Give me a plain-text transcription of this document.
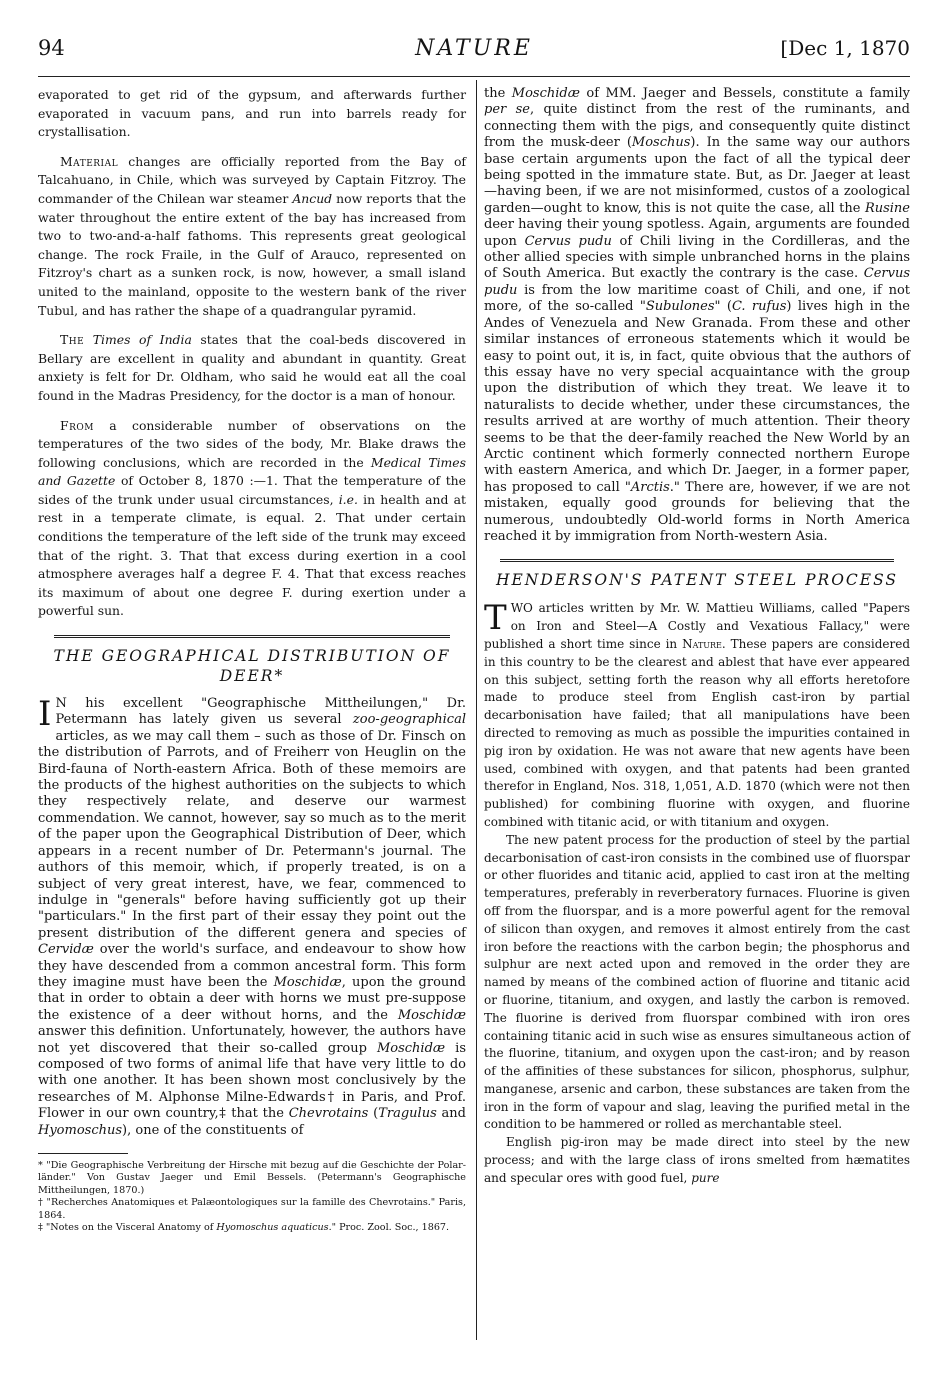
94	NATURE	[Dec 1, 1870

evaporated to get rid of the gypsum, and afterwards further evaporated in vacuum pans, and run into barrels ready for crystallisation.

Material changes are officially reported from the Bay of Talcahuano, in Chile, which was surveyed by Captain Fitzroy. The commander of the Chilean war steamer Ancud now reports that the water throughout the entire extent of the bay has increased from two to two-and-a-half fathoms. This represents great geological change. The rock Fraile, in the Gulf of Arauco, represented on Fitzroy's chart as a sunken rock, is now, however, a small island united to the mainland, opposite to the western bank of the river Tubul, and has rather the shape of a quadrangular pyramid.

The Times of India states that the coal-beds discovered in Bellary are excellent in quality and abundant in quantity. Great anxiety is felt for Dr. Oldham, who said he would eat all the coal found in the Madras Presidency, for the doctor is a man of honour.

From a considerable number of observations on the temperatures of the two sides of the body, Mr. Blake draws the following conclusions, which are recorded in the Medical Times and Gazette of October 8, 1870 :—1. That the temperature of the sides of the trunk under usual circumstances, i.e. in health and at rest in a temperate climate, is equal. 2. That under certain conditions the temperature of the left side of the trunk may exceed that of the right. 3. That that excess during exertion in a cool atmosphere averages half a degree F. 4. That that excess reaches its maximum of about one degree F. during exertion under a powerful sun.

THE GEOGRAPHICAL DISTRIBUTION OF DEER*

I N his excellent "Geographische Mittheilungen," Dr. Petermann has lately given us several zoo-geographical articles, as we may call them – such as those of Dr. Finsch on the distribution of Parrots, and of Freiherr von Heuglin on the Bird-fauna of North-eastern Africa. Both of these memoirs are the products of the highest authorities on the subjects to which they respectively relate, and deserve our warmest commendation. We cannot, however, say so much as to the merit of the paper upon the Geographical Distribution of Deer, which appears in a recent number of Dr. Petermann's journal. The authors of this memoir, which, if properly treated, is on a subject of very great interest, have, we fear, commenced to indulge in "generals" before having sufficiently got up their "particulars." In the first part of their essay they point out the present distribution of the different genera and species of Cervidæ over the world's surface, and endeavour to show how they have descended from a common ancestral form. This form they imagine must have been the Moschidæ, upon the ground that in order to obtain a deer with horns we must pre-suppose the existence of a deer without horns, and the Moschidæ answer this definition. Unfortunately, however, the authors have not yet discovered that their so-called group Moschidæ is composed of two forms of animal life that have very little to do with one another. It has been shown most conclusively by the researches of M. Alphonse Milne-Edwards† in Paris, and Prof. Flower in our own country,‡ that the Chevrotains (Tragulus and Hyomoschus), one of the constituents of

* "Die Geographische Verbreitung der Hirsche mit bezug auf die Geschichte der Polar-länder." Von Gustav Jaeger und Emil Bessels. (Petermann's Geographische Mittheilungen, 1870.)

† "Recherches Anatomiques et Palæontologiques sur la famille des Chevrotains." Paris, 1864.

‡ "Notes on the Visceral Anatomy of Hyomoschus aquaticus." Proc. Zool. Soc., 1867.

the Moschidæ of MM. Jaeger and Bessels, constitute a family per se, quite distinct from the rest of the ruminants, and connecting them with the pigs, and consequently quite distinct from the musk-deer (Moschus). In the same way our authors base certain arguments upon the fact of all the typical deer being spotted in the immature state. But, as Dr. Jaeger at least—having been, if we are not misinformed, custos of a zoological garden—ought to know, this is not quite the case, all the Rusine deer having their young spotless. Again, arguments are founded upon Cervus pudu of Chili living in the Cordilleras, and the other allied species with simple unbranched horns in the plains of South America. But exactly the contrary is the case. Cervus pudu is from the low maritime coast of Chili, and one, if not more, of the so-called "Subulones" (C. rufus) lives high in the Andes of Venezuela and New Granada. From these and other similar instances of erroneous statements which it would be easy to point out, it is, in fact, quite obvious that the authors of this essay have no very special acquaintance with the group upon the distribution of which they treat. We leave it to naturalists to decide whether, under these circumstances, the results arrived at are worthy of much attention. Their theory seems to be that the deer-family reached the New World by an Arctic continent which formerly connected northern Europe with eastern America, and which Dr. Jaeger, in a former paper, has proposed to call "Arctis." There are, however, if we are not mistaken, equally good grounds for believing that the numerous, undoubtedly Old-world forms in North America reached it by immigration from North-western Asia.

HENDERSON'S PATENT STEEL PROCESS

TWO articles written by Mr. W. Mattieu Williams, called "Papers on Iron and Steel—A Costly and Vexatious Fallacy," were published a short time since in Nature. These papers are considered in this country to be the clearest and ablest that have ever appeared on this subject, setting forth the reason why all efforts heretofore made to produce steel from English cast-iron by partial decarbonisation have failed; that all manipulations have been directed to removing as much as possible the impurities contained in pig iron by oxidation. He was not aware that new agents have been used, combined with oxygen, and that patents had been granted therefor in England, Nos. 318, 1,051, A.D. 1870 (which were not then published) for combining fluorine with oxygen, and fluorine combined with titanic acid, or with titanium and oxygen.

The new patent process for the production of steel by the partial decarbonisation of cast-iron consists in the combined use of fluorspar or other fluorides and titanic acid, applied to cast iron at the melting temperatures, preferably in reverberatory furnaces. Fluorine is given off from the fluorspar, and is a more powerful agent for the removal of silicon than oxygen, and removes it almost entirely from the cast iron before the reactions with the carbon begin; the phosphorus and sulphur are next acted upon and removed in the order they are named by means of the combined action of fluorine and titanic acid or fluorine, titanium, and oxygen, and lastly the carbon is removed. The fluorine is derived from fluorspar combined with iron ores containing titanic acid in such wise as ensures simultaneous action of the fluorine, titanium, and oxygen upon the cast-iron; and by reason of the affinities of these substances for silicon, phosphorus, sulphur, manganese, arsenic and carbon, these substances are taken from the iron in the form of vapour and slag, leaving the purified metal in the condition to be hammered or rolled as merchantable steel.

English pig-iron may be made direct into steel by the new process; and with the large class of irons smelted from hæmatites and specular ores with good fuel, pure
